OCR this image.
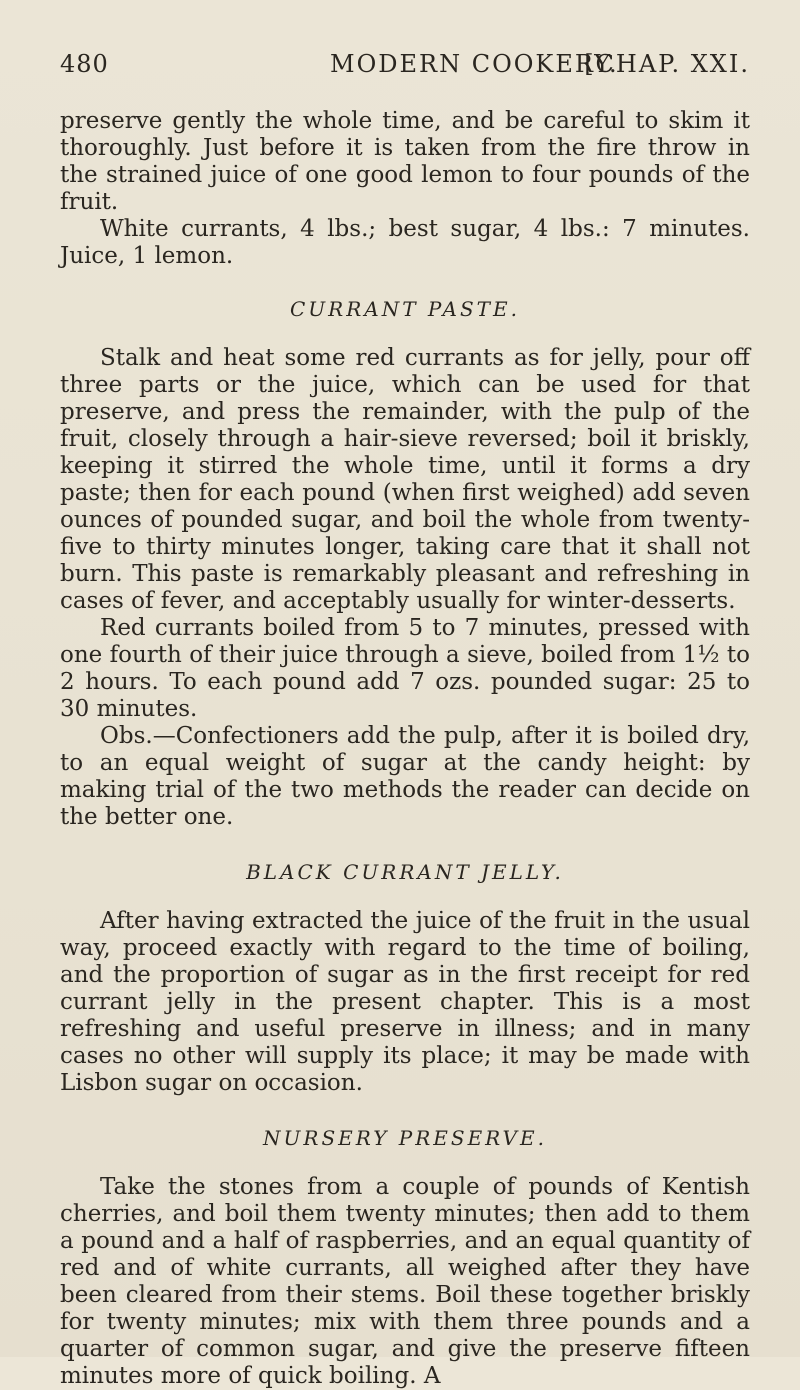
480	MODERN COOKERY.
[CHAP. XXI.

preserve gently the whole time, and be careful to skim it thoroughly. Just before it is taken from the fire throw in the strained juice of one good lemon to four pounds of the fruit.

White currants, 4 lbs.; best sugar, 4 lbs.: 7 minutes. Juice, 1 lemon.

CURRANT PASTE.

Stalk and heat some red currants as for jelly, pour off three parts or the juice, which can be used for that preserve, and press the remainder, with the pulp of the fruit, closely through a hair-sieve reversed; boil it briskly, keeping it stirred the whole time, until it forms a dry paste; then for each pound (when first weighed) add seven ounces of pounded sugar, and boil the whole from twenty-five to thirty minutes longer, taking care that it shall not burn. This paste is remarkably pleasant and refreshing in cases of fever, and acceptably usually for winter-desserts.

Red currants boiled from 5 to 7 minutes, pressed with one fourth of their juice through a sieve, boiled from 1½ to 2 hours. To each pound add 7 ozs. pounded sugar: 25 to 30 minutes.

Obs.—Confectioners add the pulp, after it is boiled dry, to an equal weight of sugar at the candy height: by making trial of the two methods the reader can decide on the better one.

BLACK CURRANT JELLY.

After having extracted the juice of the fruit in the usual way, proceed exactly with regard to the time of boiling, and the proportion of sugar as in the first receipt for red currant jelly in the present chapter. This is a most refreshing and useful preserve in illness; and in many cases no other will supply its place; it may be made with Lisbon sugar on occasion.

NURSERY PRESERVE.

Take the stones from a couple of pounds of Kentish cherries, and boil them twenty minutes; then add to them a pound and a half of raspberries, and an equal quantity of red and of white currants, all weighed after they have been cleared from their stems. Boil these together briskly for twenty minutes; mix with them three pounds and a quarter of common sugar, and give the preserve fifteen minutes more of quick boiling. A
